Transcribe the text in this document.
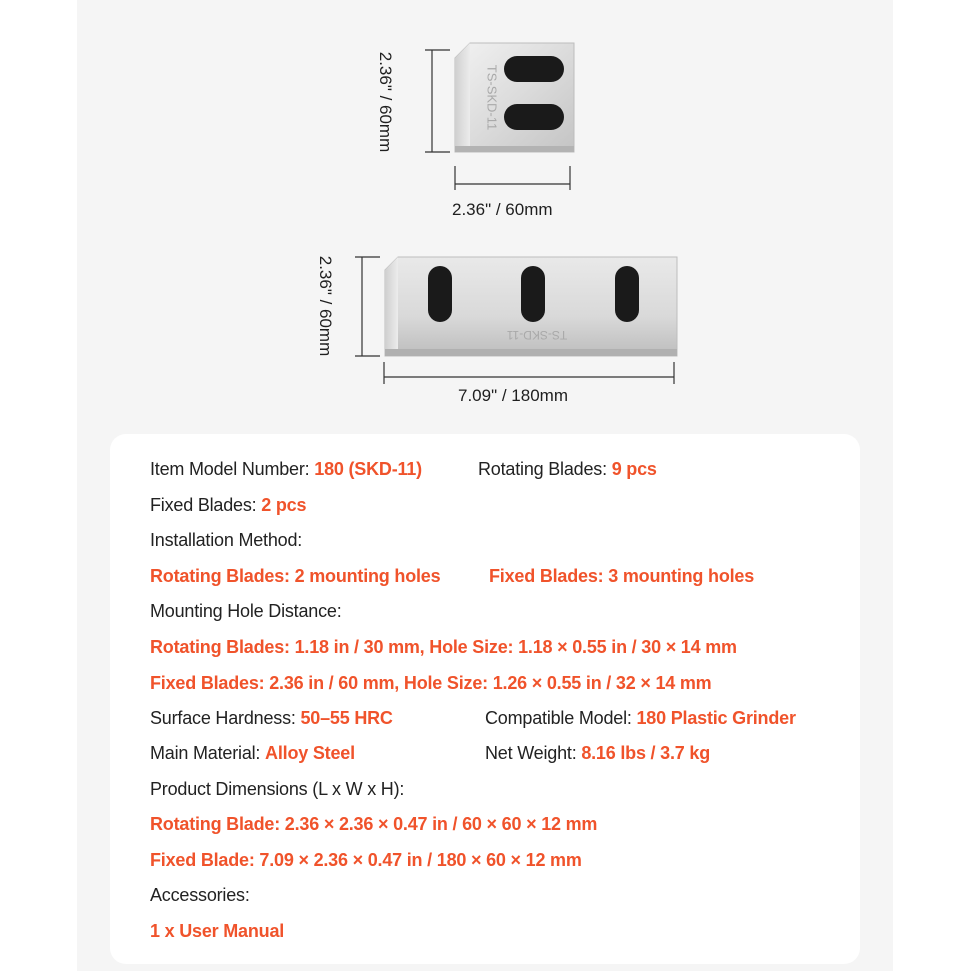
TS-SKD-11
TS-SKD-11
2.36" / 60mm
2.36" / 60mm
2.36" / 60mm
7.09" / 180mm
Item Model Number: 180 (SKD-11)	Rotating Blades: 9 pcs
Fixed Blades: 2 pcs
Installation Method:
Rotating Blades: 2 mounting holes	Fixed Blades: 3 mounting holes
Mounting Hole Distance:
Rotating Blades: 1.18 in / 30 mm, Hole Size: 1.18 × 0.55 in / 30 × 14 mm
Fixed Blades: 2.36 in / 60 mm, Hole Size: 1.26 × 0.55 in / 32 × 14 mm
Surface Hardness: 50–55 HRC	Compatible Model: 180 Plastic Grinder
Main Material: Alloy Steel	Net Weight: 8.16 lbs / 3.7 kg
Product Dimensions (L x W x H):
Rotating Blade: 2.36 × 2.36 × 0.47 in / 60 × 60 × 12 mm
Fixed Blade: 7.09 × 2.36 × 0.47 in / 180 × 60 × 12 mm
Accessories:
1 x User Manual
